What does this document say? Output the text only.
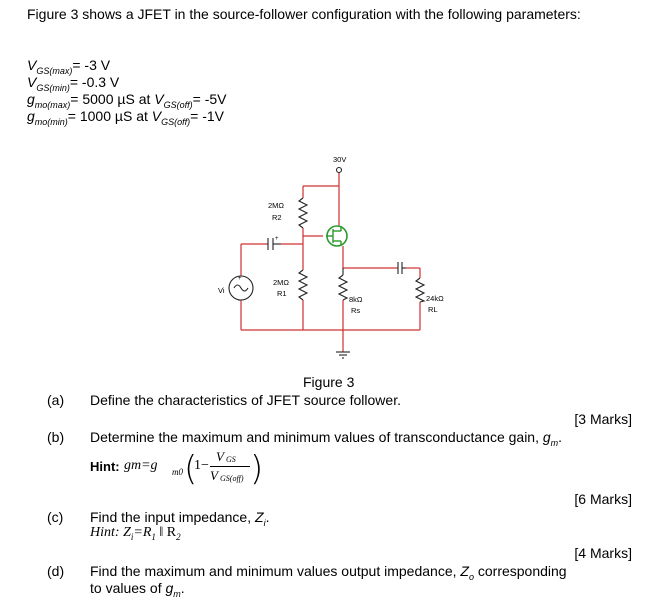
Figure 3 shows a JFET in the source-follower configuration with the following parameters:
$V_{GS(max)}= -3$ V
$V_{GS(min)}= -0.3$ V
$g_{mo(max)}= 5000$ µS at $V_{GS(off)}= -5V$
$g_{mo(min)}= 1000$ µS at $V_{GS(off)}= -1V$
30V
2MΩ
R2
+
2MΩ
R1
8kΩ
Rs
24kΩ
RL
Vi
+
-
Figure 3
(a) Define the characteristics of JFET source follower.
[3 Marks]
(b) Determine the maximum and minimum values of transconductance gain, $g_m$.
Hint: gm=g m0 (
1−
V GS
V GS(off) )
[6 Marks]
(c) Find the input impedance, $Z_i$.
Hint: $Z_i=R_1$ ‖ $R_2$
[4 Marks]
(d) Find the maximum and minimum values output impedance, $Z_o$ corresponding
to values of $g_m$.
